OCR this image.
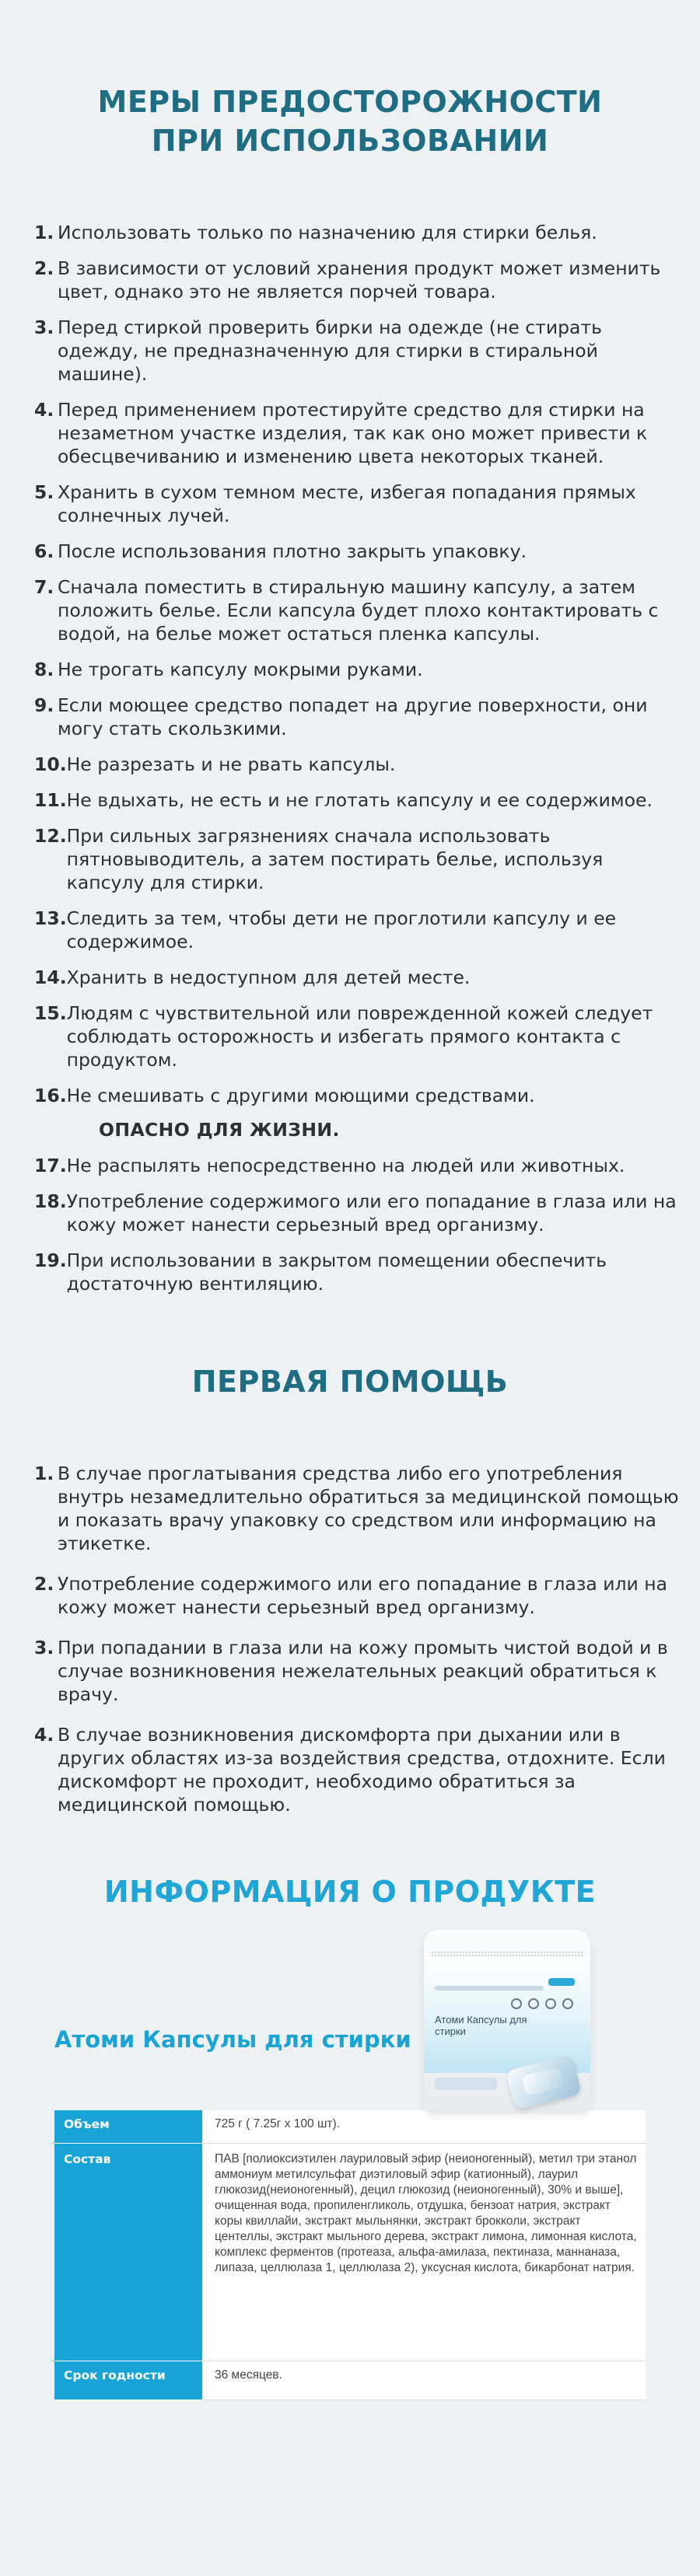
МЕРЫ ПРЕДОСТОРОЖНОСТИ
ПРИ ИСПОЛЬЗОВАНИИ
1. Использовать только по назначению для стирки белья.
2. В зависимости от условий хранения продукт может изменить цвет, однако это не является порчей товара.
3. Перед стиркой проверить бирки на одежде (не стирать одежду, не предназначенную для стирки в стиральной машине).
4. Перед применением протестируйте средство для стирки на незаметном участке изделия, так как оно может привести к обесцвечиванию и изменению цвета некоторых тканей.
5. Хранить в сухом темном месте, избегая попадания прямых солнечных лучей.
6. После использования плотно закрыть упаковку.
7. Сначала поместить в стиральную машину капсулу, а затем положить белье. Если капсула будет плохо контактировать с водой, на белье может остаться пленка капсулы.
8. Не трогать капсулу мокрыми руками.
9. Если моющее средство попадет на другие поверхности, они могу стать скользкими.
10. Не разрезать и не рвать капсулы.
11. Не вдыхать, не есть и не глотать капсулу и ее содержимое.
12. При сильных загрязнениях сначала использовать пятновыводитель, а затем постирать белье, используя капсулу для стирки.
13. Следить за тем, чтобы дети не проглотили капсулу и ее содержимое.
14. Хранить в недоступном для детей месте.
15. Людям с чувствительной или поврежденной кожей следует соблюдать осторожность и избегать прямого контакта с продуктом.
16. Не смешивать с другими моющими средствами.
ОПАСНО ДЛЯ ЖИЗНИ.
17. Не распылять непосредственно на людей или животных.
18. Употребление содержимого или его попадание в глаза или на кожу может нанести серьезный вред организму.
19. При использовании в закрытом помещении обеспечить достаточную вентиляцию.
ПЕРВАЯ ПОМОЩЬ
1. В случае проглатывания средства либо его употребления внутрь незамедлительно обратиться за медицинской помощью и показать врачу упаковку со средством или информацию на этикетке.
2. Употребление содержимого или его попадание в глаза или на кожу может нанести серьезный вред организму.
3. При попадании в глаза или на кожу промыть чистой водой и в случае возникновения нежелательных реакций обратиться к врачу.
4. В случае возникновения дискомфорта при дыхании или в других областях из-за воздействия средства, отдохните. Если дискомфорт не проходит, необходимо обратиться за медицинской помощью.
ИНФОРМАЦИЯ О ПРОДУКТЕ
Атоми Капсулы для стирки
Атоми Капсулы для стирки
Объем	725 г ( 7.25г х 100 шт).
Состав	ПАВ [полиоксиэтилен лауриловый эфир (неионогенный), метил три этанол аммониум метилсульфат диэтиловый эфир (катионный), лаурил глюкозид(неионогенный), децил глюкозид (неионогенный), 30% и выше], очищенная вода, пропиленгликоль, отдушка, бензоат натрия, экстракт коры квиллайи, экстракт мыльнянки, экстракт брокколи, экстракт центеллы, экстракт мыльного дерева, экстракт лимона, лимонная кислота, комплекс ферментов (протеаза, альфа-амилаза, пектиназа, маннаназа, липаза, целлюлаза 1, целлюлаза 2), уксусная кислота, бикарбонат натрия.
Срок годности	36 месяцев.
